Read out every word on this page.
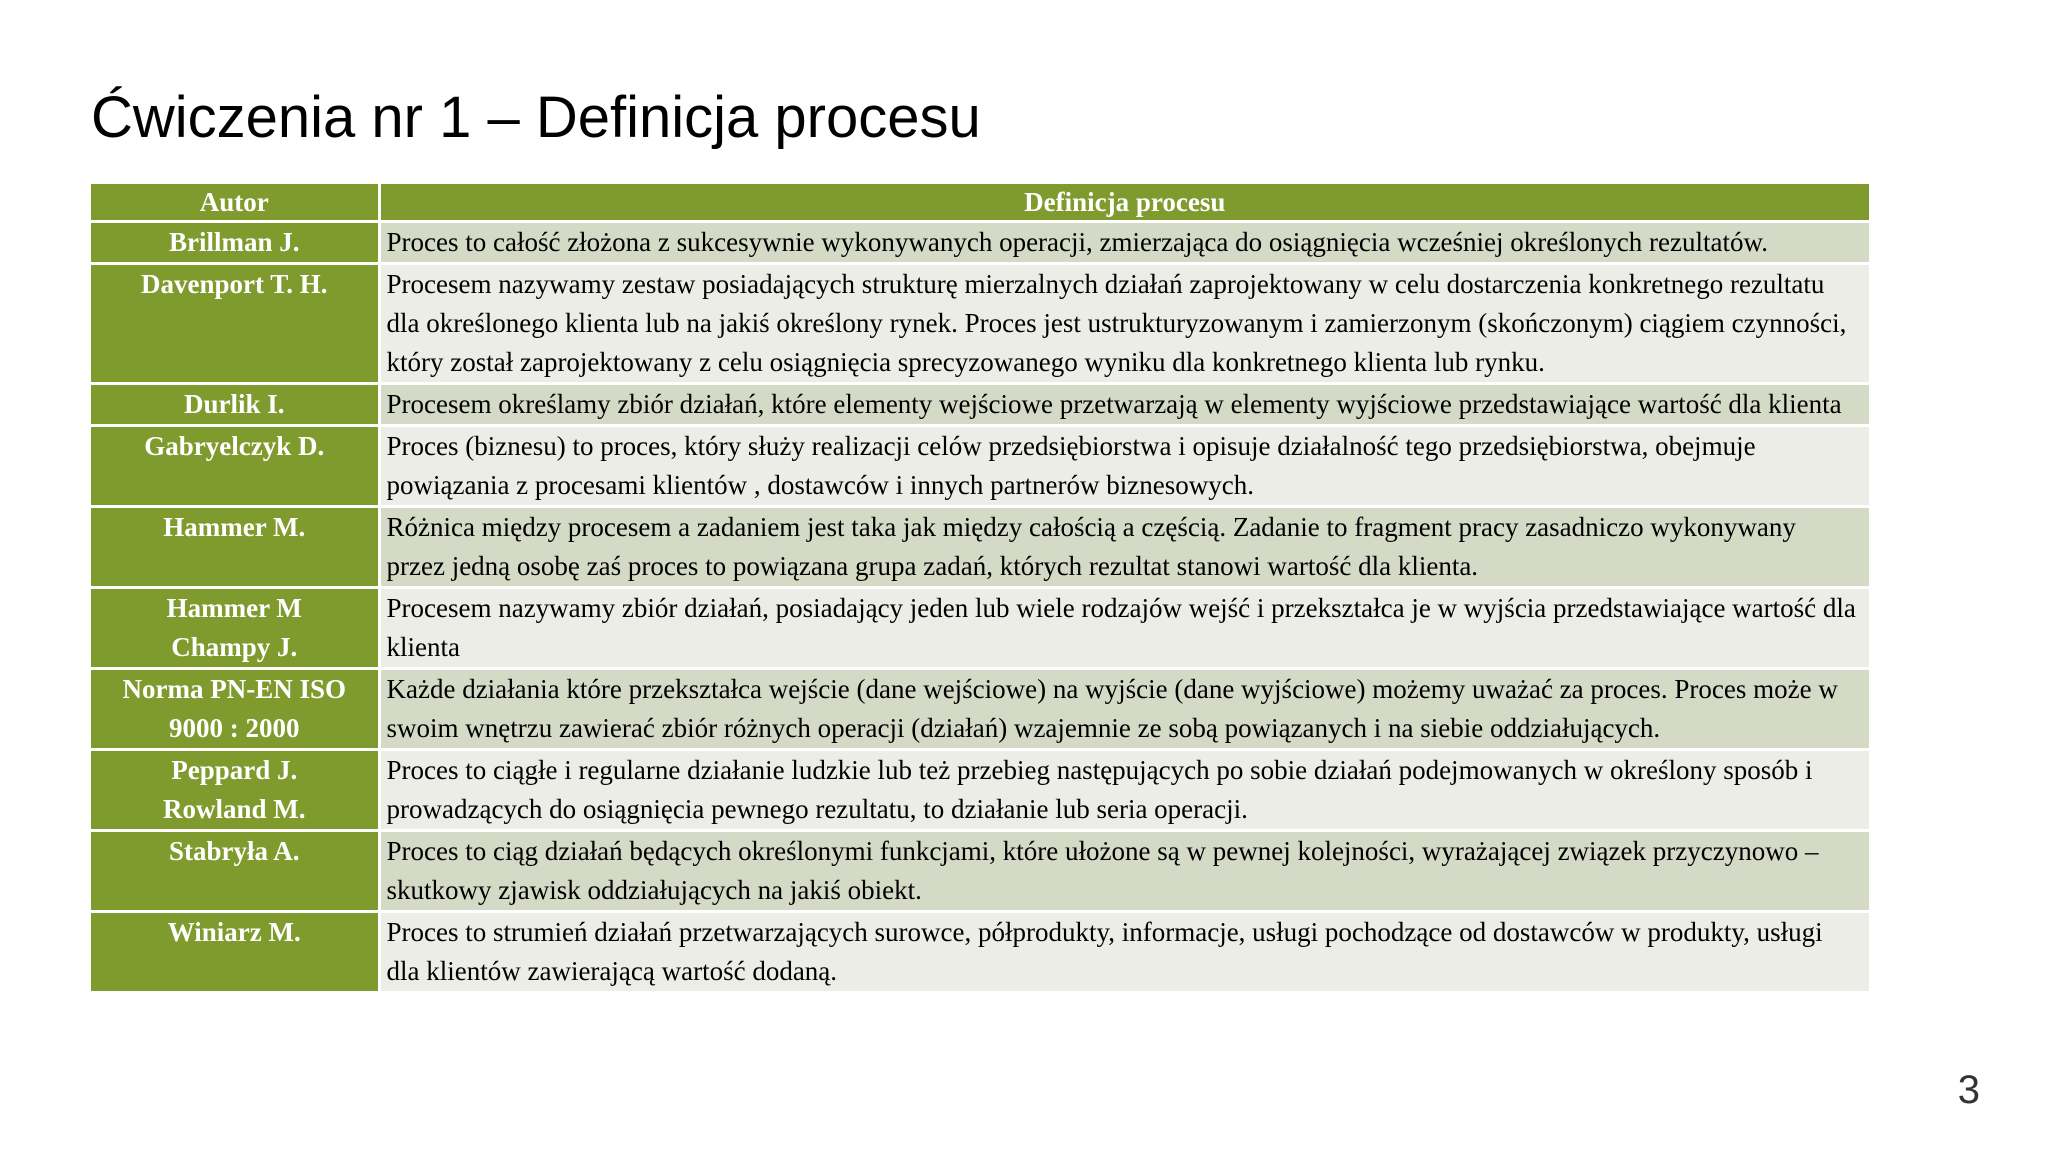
Ćwiczenia nr 1 – Definicja procesu
Autor	Definicja procesu

Brillman J.	Proces to całość złożona z sukcesywnie wykonywanych operacji, zmierzająca do osiągnięcia wcześniej określonych rezultatów.

Davenport T. H.	Procesem nazywamy zestaw posiadających strukturę mierzalnych działań zaprojektowany w celu dostarczenia konkretnego rezultatu dla określonego klienta lub na jakiś określony rynek. Proces jest ustrukturyzowanym i zamierzonym (skończonym) ciągiem czynności, który został zaprojektowany z celu osiągnięcia sprecyzowanego wyniku dla konkretnego klienta lub rynku.

Durlik I.	Procesem określamy zbiór działań, które elementy wejściowe przetwarzają w elementy wyjściowe przedstawiające wartość dla klienta

Gabryelczyk D.	Proces (biznesu) to proces, który służy realizacji celów przedsiębiorstwa i opisuje działalność tego przedsiębiorstwa, obejmuje powiązania z procesami klientów , dostawców i innych partnerów biznesowych.

Hammer M.	Różnica między procesem a zadaniem jest taka jak między całością a częścią. Zadanie to fragment pracy zasadniczo wykonywany przez jedną osobę zaś proces to powiązana grupa zadań, których rezultat stanowi wartość dla klienta.

Hammer M
Champy J.	Procesem nazywamy zbiór działań, posiadający jeden lub wiele rodzajów wejść i przekształca je w wyjścia przedstawiające wartość dla klienta

Norma PN-EN ISO
9000 : 2000	Każde działania które przekształca wejście (dane wejściowe) na wyjście (dane wyjściowe) możemy uważać za proces. Proces może w swoim wnętrzu zawierać zbiór różnych operacji (działań) wzajemnie ze sobą powiązanych i na siebie oddziałujących.

Peppard J.
Rowland M.	Proces to ciągłe i regularne działanie ludzkie lub też przebieg następujących po sobie działań podejmowanych w określony sposób i prowadzących do osiągnięcia pewnego rezultatu, to działanie lub seria operacji.

Stabryła A.	Proces to ciąg działań będących określonymi funkcjami, które ułożone są w pewnej kolejności, wyrażającej związek przyczynowo – skutkowy zjawisk oddziałujących na jakiś obiekt.

Winiarz M.	Proces to strumień działań przetwarzających surowce, półprodukty, informacje, usługi pochodzące od dostawców w produkty, usługi dla klientów zawierającą wartość dodaną.
3
